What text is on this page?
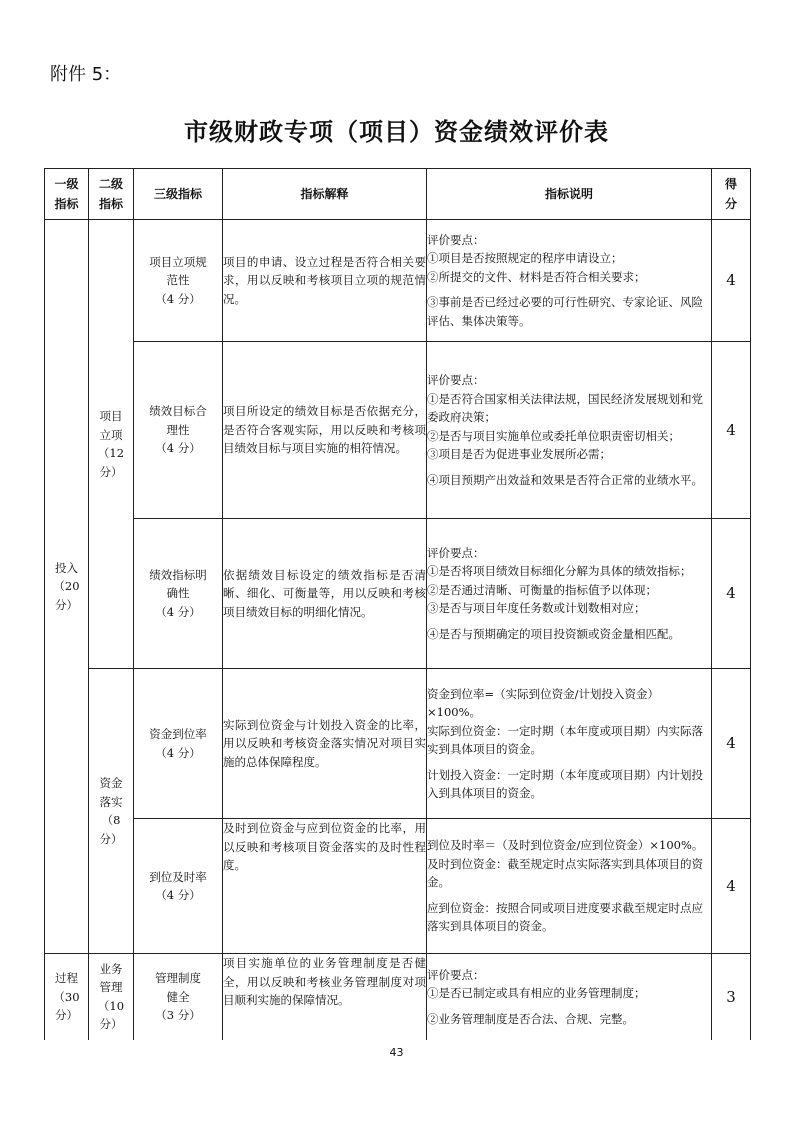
附件 5：
市级财政专项（项目）资金绩效评价表
一级
指标	二级
指标	三级指标	指标解释	指标说明	得
分
投入
（20
分）	项目
立项
（12
分）	项目立项规
范性
（4 分）	项目的申请、设立过程是否符合相关要求，用以反映和考核项目立项的规范情况。	评价要点：
①项目是否按照规定的程序申请设立；
②所提交的文件、材料是否符合相关要求；
③事前是否已经过必要的可行性研究、专家论证、风险评估、集体决策等。	4
		绩效目标合
理性
（4 分）	项目所设定的绩效目标是否依据充分，是否符合客观实际，用以反映和考核项目绩效目标与项目实施的相符情况。	评价要点：
①是否符合国家相关法律法规，国民经济发展规划和党委政府决策；
②是否与项目实施单位或委托单位职责密切相关；
③项目是否为促进事业发展所必需；
④项目预期产出效益和效果是否符合正常的业绩水平。	4
		绩效指标明
确性
（4 分）	依据绩效目标设定的绩效指标是否清晰、细化、可衡量等，用以反映和考核项目绩效目标的明细化情况。	评价要点：
①是否将项目绩效目标细化分解为具体的绩效指标；
②是否通过清晰、可衡量的指标值予以体现；
③是否与项目年度任务数或计划数相对应；
④是否与预期确定的项目投资额或资金量相匹配。	4
	资金
落实
（8
分）	资金到位率
（4 分）	实际到位资金与计划投入资金的比率，用以反映和考核资金落实情况对项目实施的总体保障程度。	资金到位率=（实际到位资金/计划投入资金）×100%。
实际到位资金：一定时期（本年度或项目期）内实际落实到具体项目的资金。
计划投入资金：一定时期（本年度或项目期）内计划投入到具体项目的资金。	4
		到位及时率
（4 分）	及时到位资金与应到位资金的比率，用以反映和考核项目资金落实的及时性程度。	到位及时率＝（及时到位资金/应到位资金）×100%。
及时到位资金：截至规定时点实际落实到具体项目的资金。
应到位资金：按照合同或项目进度要求截至规定时点应落实到具体项目的资金。	4
过程
（30
分）	业务
管理
（10
分）	管理制度
健全
（3 分）	项目实施单位的业务管理制度是否健全，用以反映和考核业务管理制度对项目顺利实施的保障情况。	评价要点：
①是否已制定或具有相应的业务管理制度；
②业务管理制度是否合法、合规、完整。	3
43
